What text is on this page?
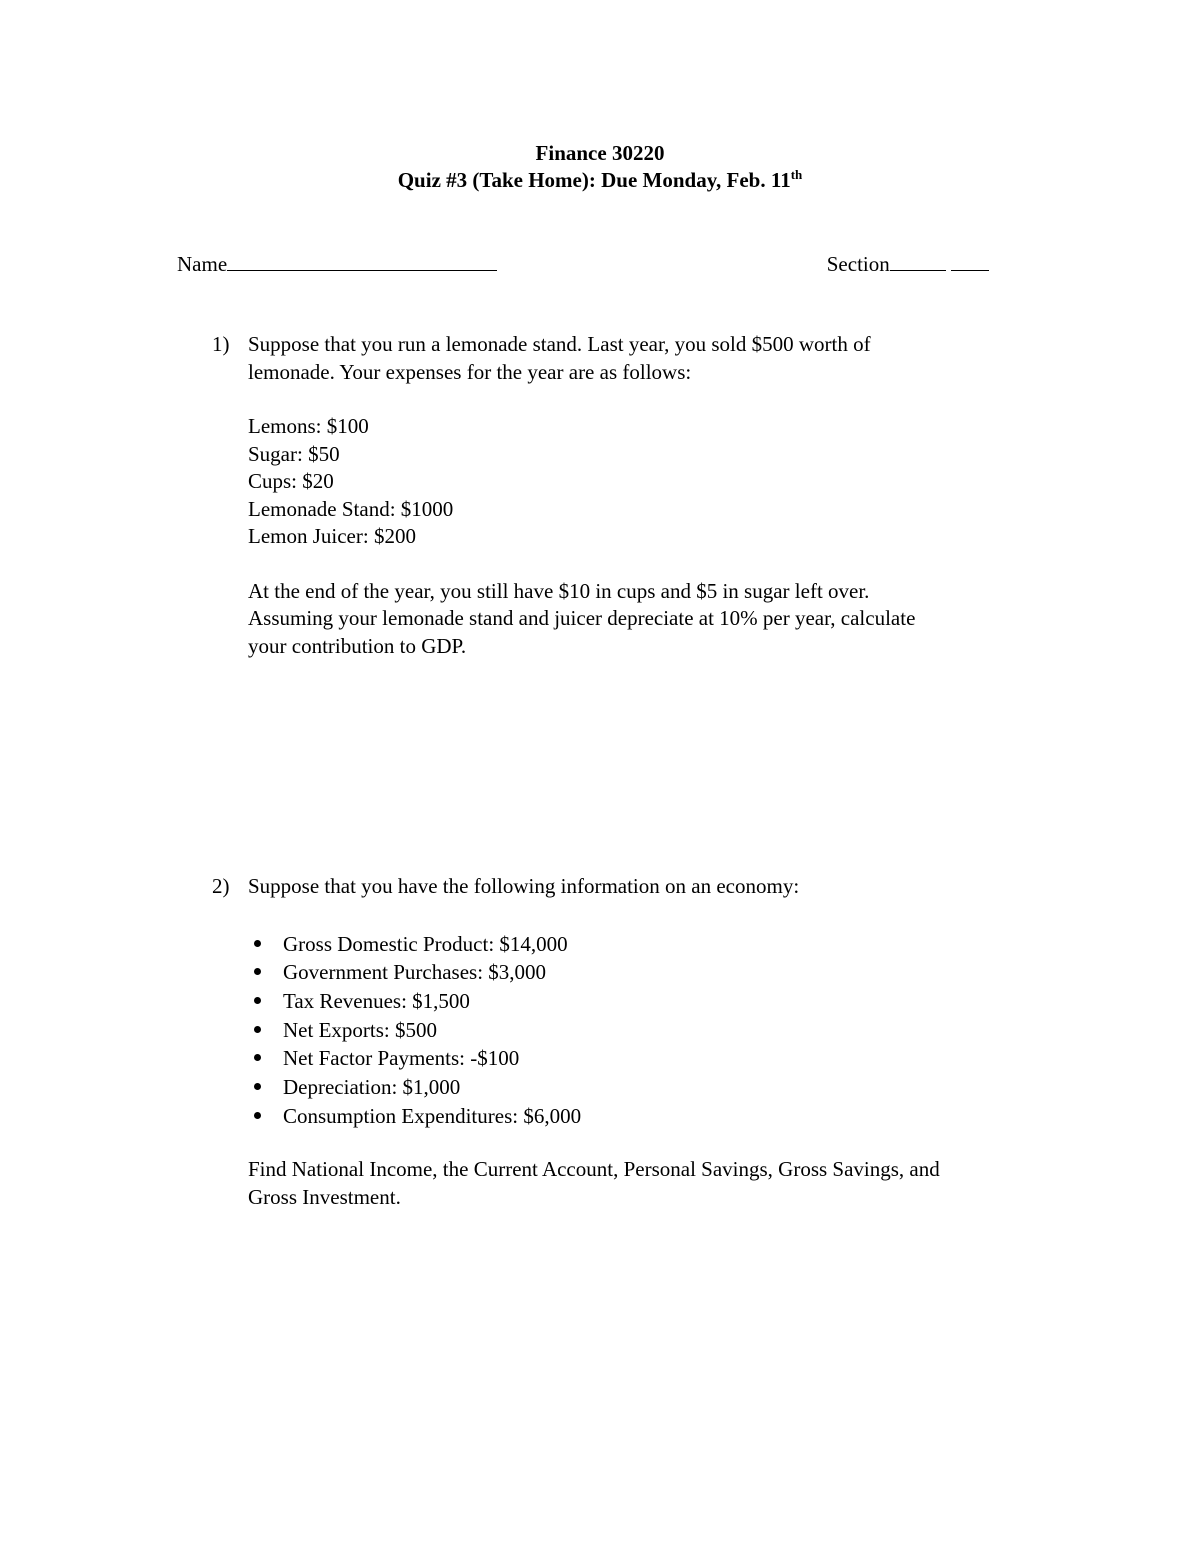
Finance 30220
Quiz #3 (Take Home): Due Monday, Feb. 11th
Name	Section
1) Suppose that you run a lemonade stand. Last year, you sold $500 worth of

lemonade. Your expenses for the year are as follows:

Lemons: $100
Sugar: $50
Cups: $20
Lemonade Stand: $1000
Lemon Juicer: $200

At the end of the year, you still have $10 in cups and $5 in sugar left over.

Assuming your lemonade stand and juicer depreciate at 10% per year, calculate

your contribution to GDP.

2) Suppose that you have the following information on an economy:

Gross Domestic Product: $14,000
Government Purchases: $3,000
Tax Revenues: $1,500
Net Exports: $500
Net Factor Payments: -$100
Depreciation: $1,000
Consumption Expenditures: $6,000

Find National Income, the Current Account, Personal Savings, Gross Savings, and

Gross Investment.
